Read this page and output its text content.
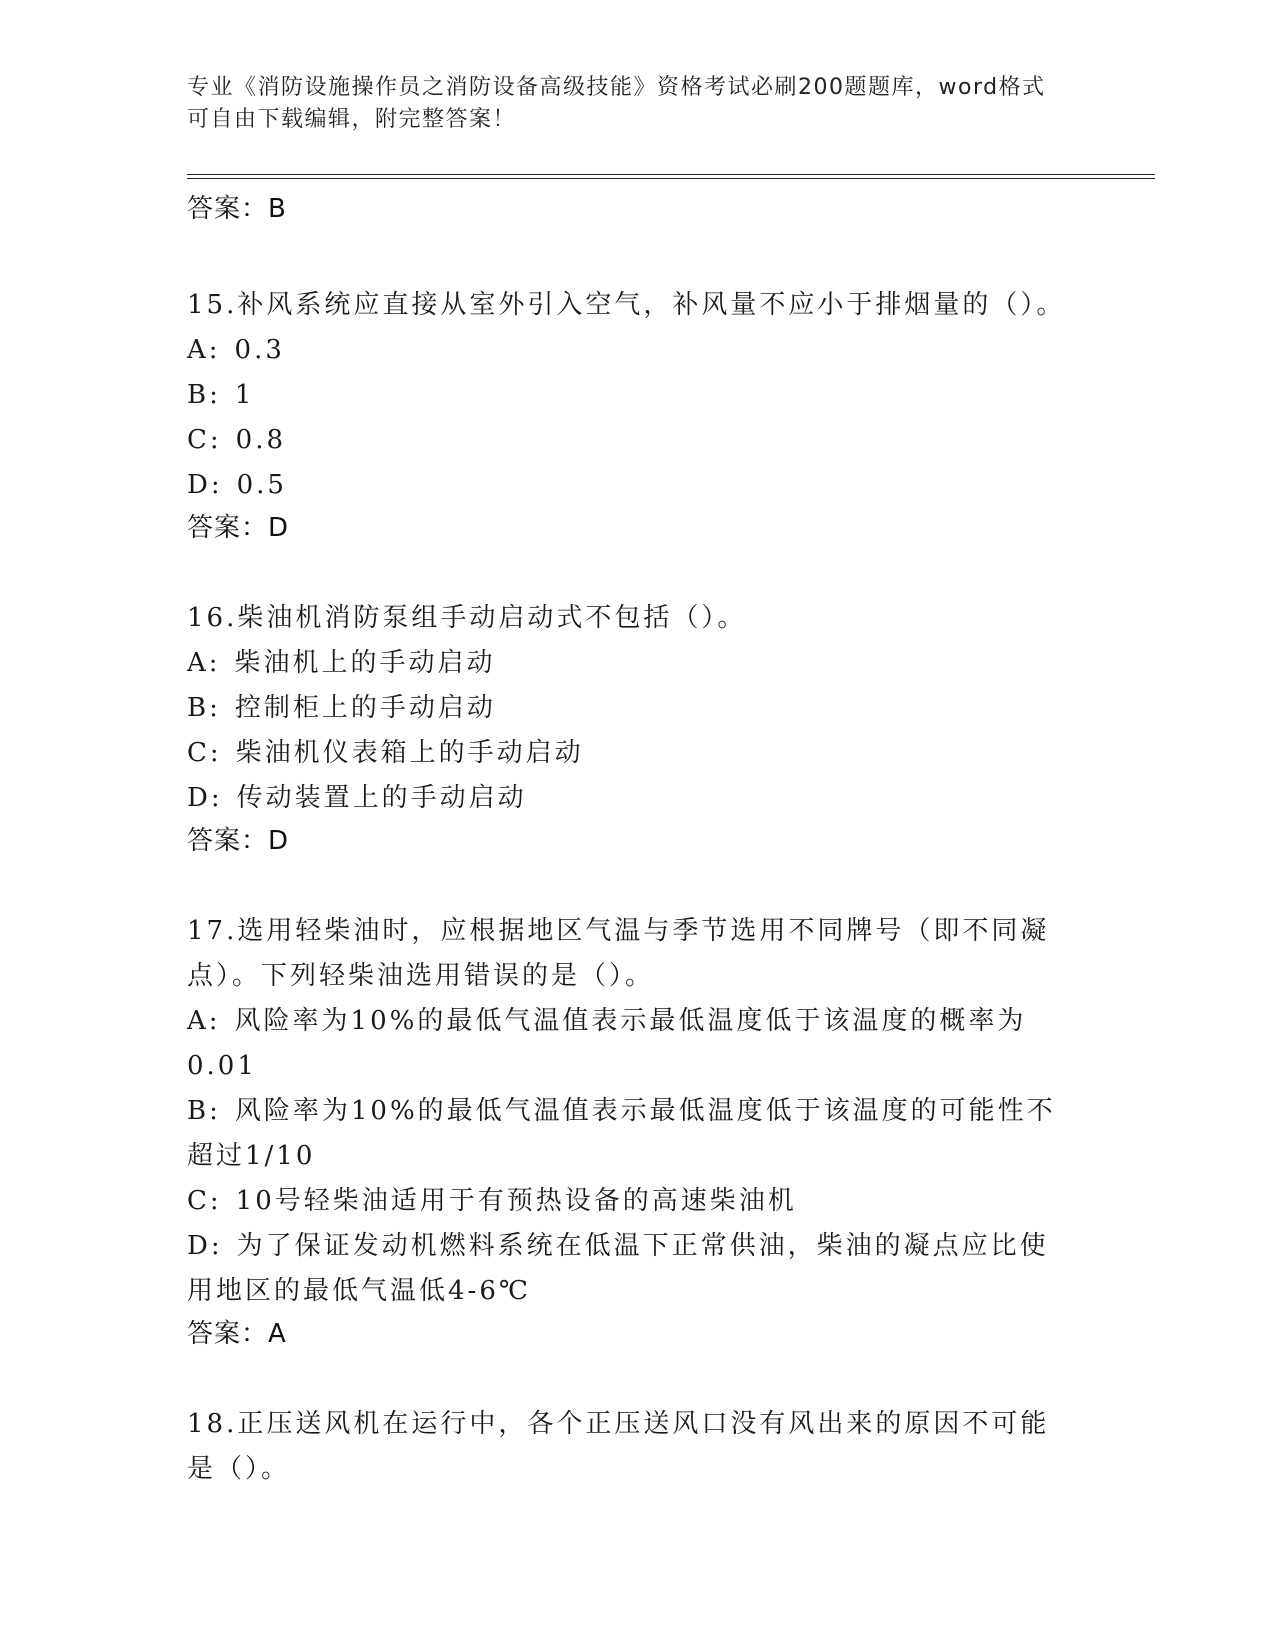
专业《消防设施操作员之消防设备高级技能》资格考试必刷200题题库，word格式可自由下载编辑，附完整答案！
答案：B
15.补风系统应直接从室外引入空气，补风量不应小于排烟量的（）。
A: 0.3
B: 1
C: 0.8
D: 0.5
答案：D
16.柴油机消防泵组手动启动式不包括（）。
A: 柴油机上的手动启动
B: 控制柜上的手动启动
C: 柴油机仪表箱上的手动启动
D: 传动装置上的手动启动
答案：D
17.选用轻柴油时，应根据地区气温与季节选用不同牌号（即不同凝点）。下列轻柴油选用错误的是（）。
A: 风险率为10%的最低气温值表示最低温度低于该温度的概率为0.01
B: 风险率为10%的最低气温值表示最低温度低于该温度的可能性不超过1/10
C: 10号轻柴油适用于有预热设备的高速柴油机
D: 为了保证发动机燃料系统在低温下正常供油，柴油的凝点应比使用地区的最低气温低4-6℃
答案：A
18.正压送风机在运行中，各个正压送风口没有风出来的原因不可能是（）。
